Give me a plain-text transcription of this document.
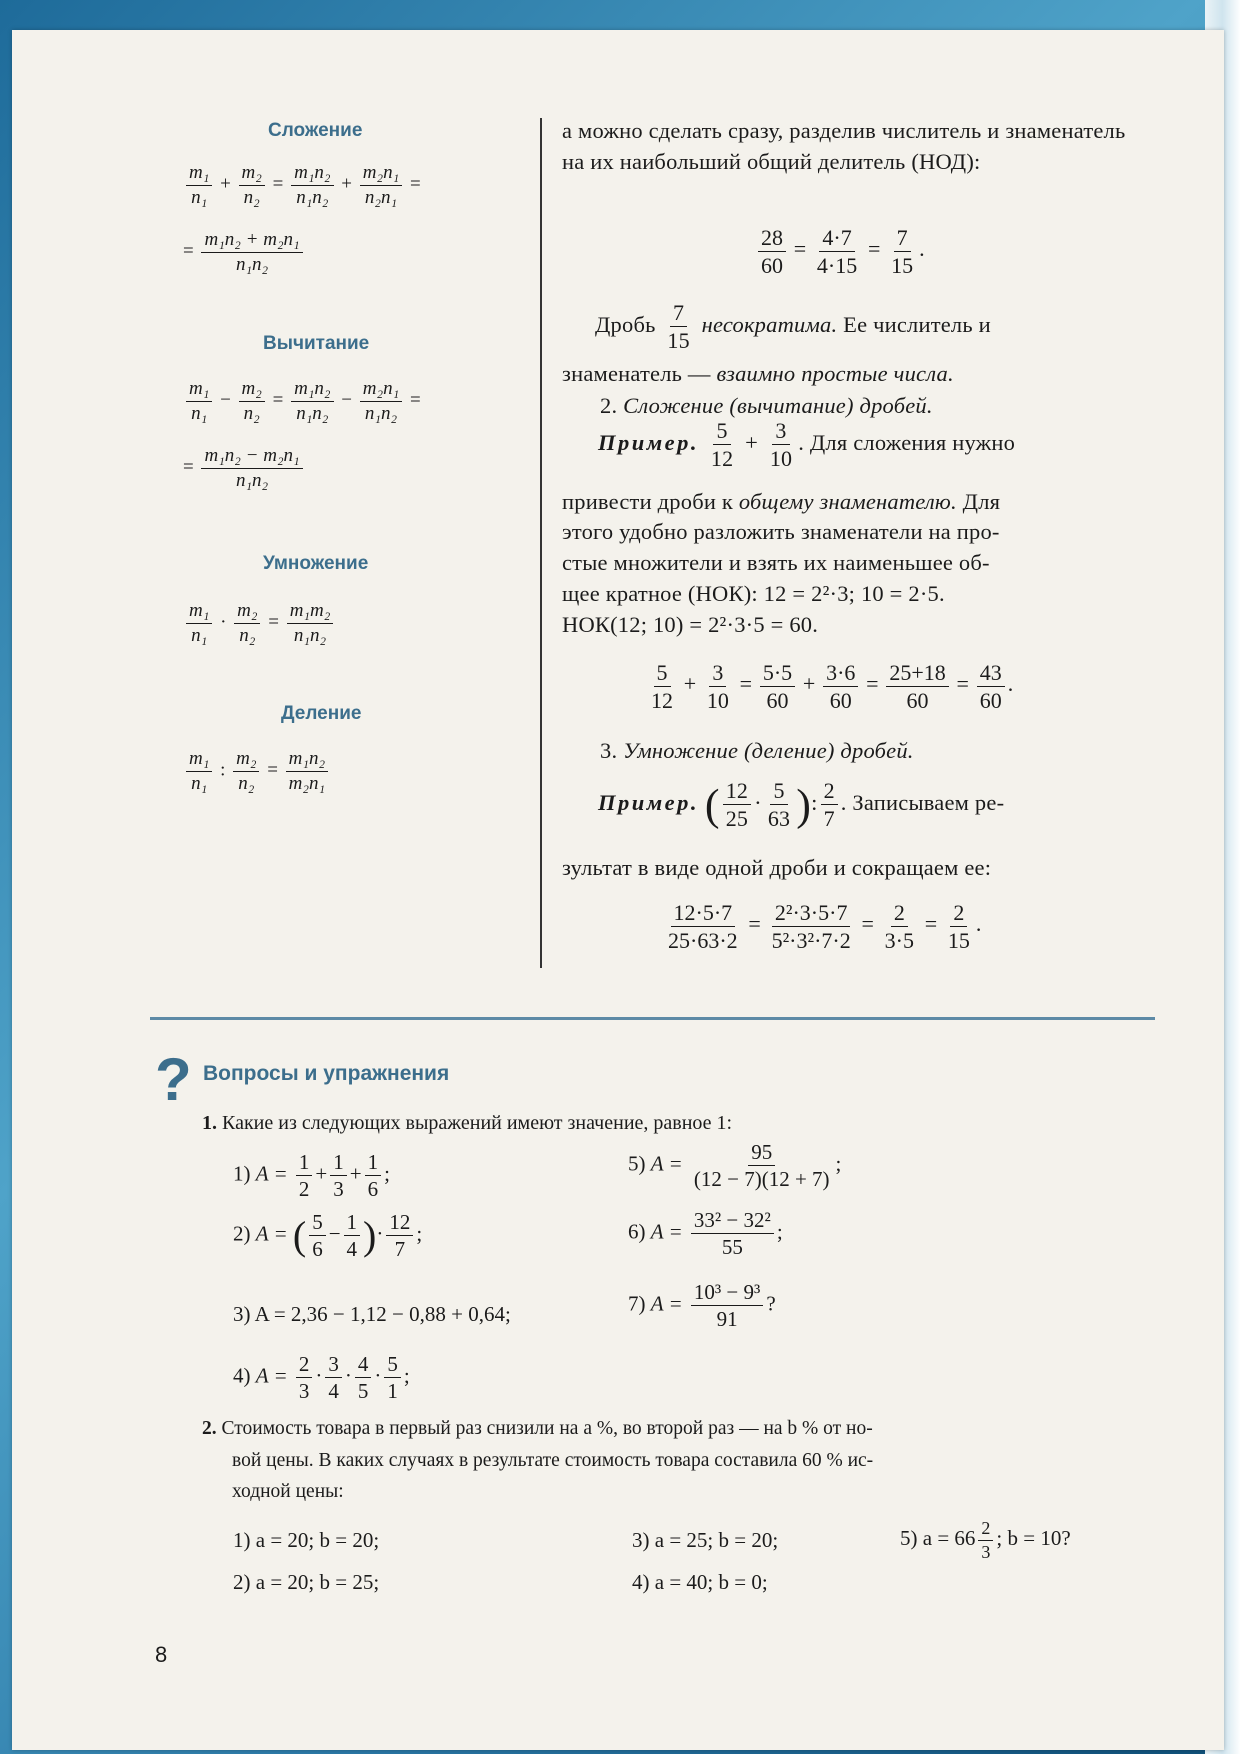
Сложение
$\frac{\text{m₁}}{\text{n₁}} + \frac{\text{m₂}}{\text{n₂}} = \frac{\text{m₁n₂}}{\text{n₁n₂}} + \frac{\text{m₂n₁}}{\text{n₂n₁}}$ =
= $\frac{\text{m₁n₂ + m₂n₁}}{\text{n₁n₂}}$
Вычитание
$\frac{\text{m₁}}{\text{n₁}} - \frac{\text{m₂}}{\text{n₂}} = \frac{\text{m₁n₂}}{\text{n₁n₂}} - \frac{\text{m₂n₁}}{\text{n₁n₂}}$ =
= $\frac{\text{m₁n₂ − m₂n₁}}{\text{n₁n₂}}$
Умножение
$\frac{\text{m₁}}{\text{n₁}} \cdot \frac{\text{m₂}}{\text{n₂}} = \frac{\text{m₁m₂}}{\text{n₁n₂}}$
Деление
$\frac{\text{m₁}}{\text{n₁}}$ : $\frac{\text{m₂}}{\text{n₂}} = \frac{\text{m₁n₂}}{\text{m₂n₁}}$
а можно сделать сразу, разделив числитель и знаменатель на их наибольший общий делитель (НОД):
$\frac{28}{60} = \frac{4\cdot 7}{4\cdot 15} = \frac{7}{15}$ .
Дробь $\frac{7}{15}$ несократима. Ее числитель и
знаменатель — взаимно простые числа.
2. Сложение (вычитание) дробей.
Пример. $\frac{5}{12} + \frac{3}{10}$ . Для сложения нужно
привести дроби к общему знаменателю. Для
этого удобно разложить знаменатели на про-
стые множители и взять их наименьшее об-
щее кратное (НОК): 12 = 2²·3; 10 = 2·5.
НОК(12; 10) = 2²·3·5 = 60.
$\frac{5}{12} + \frac{3}{10} = \frac{5\cdot 5}{60} + \frac{3\cdot 6}{60} = \frac{25+18}{60} = \frac{43}{60}$ .
3. Умножение (деление) дробей.
Пример. ( $\frac{12}{25} \cdot \frac{5}{63}$ ): $\frac{2}{7}$ . Записываем ре-
зультат в виде одной дроби и сокращаем ее:
$\frac{12\cdot 5\cdot 7}{25\cdot 63\cdot 2} = \frac{\text{2²·3·5·7}}{\text{5²·3²·7·2}} = \frac{2}{3\cdot 5} = \frac{2}{15}$ .
? Вопросы и упражнения
1. Какие из следующих выражений имеют значение, равное 1:
1) $A = \frac{1}{2} + \frac{1}{3} + \frac{1}{6}$ ;
2) A = ( $\frac{5}{6} - \frac{1}{4}$ )· $\frac{12}{7}$ ;
3) A = 2,36 − 1,12 − 0,88 + 0,64;
4) $A = \frac{2}{3} \cdot \frac{3}{4} \cdot \frac{4}{5} \cdot \frac{5}{1}$ ;
5) $A = \frac{95}{(12 - 7)(12 + 7)}$ ;
6) $A = \frac{\text{33² − 32²}}{55}$ ;
7) $A = \frac{\text{10³ − 9³}}{91}$ ?
2. Стоимость товара в первый раз снизили на a %, во второй раз — на b % от но-
вой цены. В каких случаях в результате стоимость товара составила 60 % ис-
ходной цены:
1) a = 20; b = 20;
2) a = 20; b = 25;
3) a = 25; b = 20;
4) a = 40; b = 0;
5) $a = 66 \frac{2}{3}$ ; b = 10?
8
